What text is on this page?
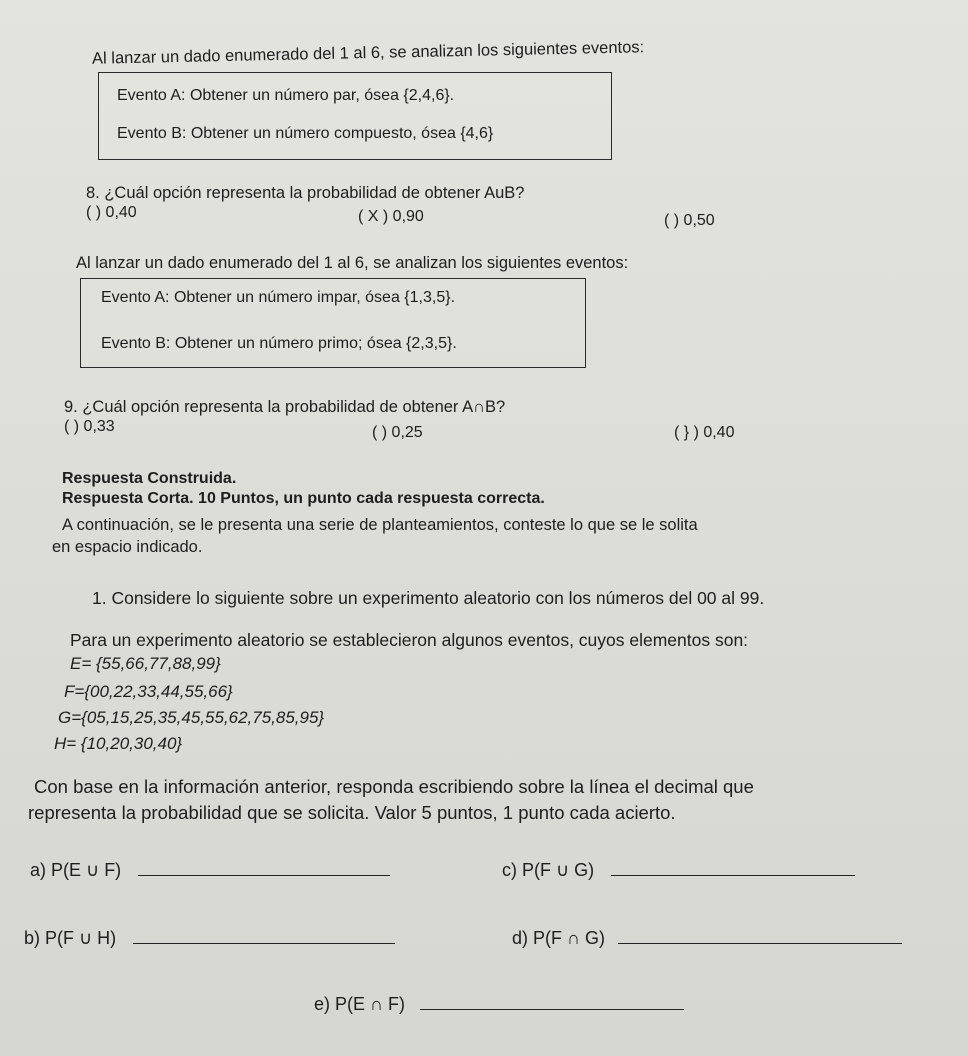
Al lanzar un dado enumerado del 1 al 6, se analizan los siguientes eventos:
Evento A: Obtener un número par, ósea {2,4,6}.
Evento B: Obtener un número compuesto, ósea {4,6}
8. ¿Cuál opción representa la probabilidad de obtener AuB?
( ) 0,40	( X ) 0,90	( ) 0,50
Al lanzar un dado enumerado del 1 al 6, se analizan los siguientes eventos:
Evento A: Obtener un número impar, ósea {1,3,5}.
Evento B: Obtener un número primo; ósea {2,3,5}.
9. ¿Cuál opción representa la probabilidad de obtener A∩B?
( ) 0,33	( ) 0,25	( } ) 0,40
Respuesta Construida.
Respuesta Corta. 10 Puntos, un punto cada respuesta correcta.
A continuación, se le presenta una serie de planteamientos, conteste lo que se le solita
en espacio indicado.
1. Considere lo siguiente sobre un experimento aleatorio con los números del 00 al 99.
Para un experimento aleatorio se establecieron algunos eventos, cuyos elementos son:
E= {55,66,77,88,99}
F={00,22,33,44,55,66}
G={05,15,25,35,45,55,62,75,85,95}
H= {10,20,30,40}
Con base en la información anterior, responda escribiendo sobre la línea el decimal que
representa la probabilidad que se solicita. Valor 5 puntos, 1 punto cada acierto.
a) P(E ∪ F)	c) P(F ∪ G)
b) P(F ∪ H)	d) P(F ∩ G)
e) P(E ∩ F)
